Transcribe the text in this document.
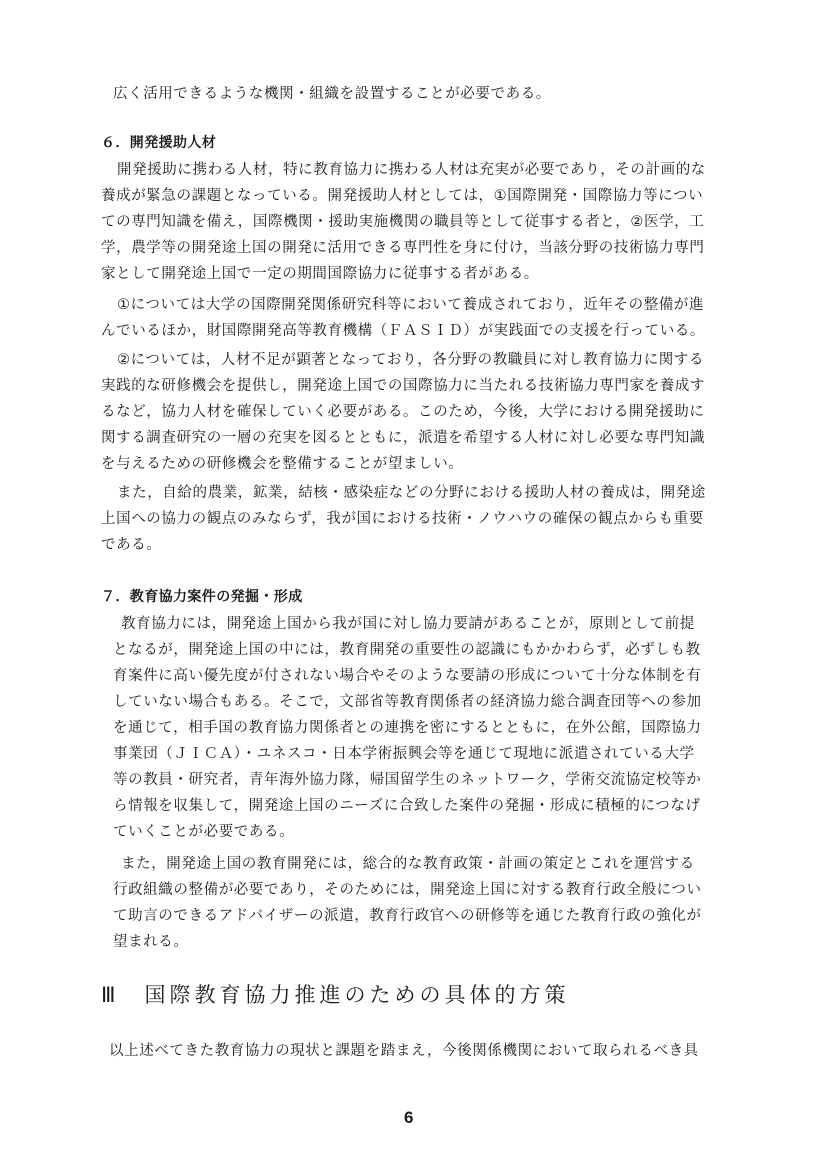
広く活用できるような機関・組織を設置することが必要である。
６．開発援助人材
開発援助に携わる人材，特に教育協力に携わる人材は充実が必要であり，その計画的な
養成が緊急の課題となっている。開発援助人材としては，①国際開発・国際協力等につい
ての専門知識を備え，国際機関・援助実施機関の職員等として従事する者と，②医学，工
学，農学等の開発途上国の開発に活用できる専門性を身に付け，当該分野の技術協力専門
家として開発途上国で一定の期間国際協力に従事する者がある。
①については大学の国際開発関係研究科等において養成されており，近年その整備が進
んでいるほか，財国際開発高等教育機構（ＦＡＳＩＤ）が実践面での支援を行っている。
②については，人材不足が顕著となっており，各分野の教職員に対し教育協力に関する
実践的な研修機会を提供し，開発途上国での国際協力に当たれる技術協力専門家を養成す
るなど，協力人材を確保していく必要がある。このため，今後，大学における開発援助に
関する調査研究の一層の充実を図るとともに，派遣を希望する人材に対し必要な専門知識
を与えるための研修機会を整備することが望ましい。
また，自給的農業，鉱業，結核・感染症などの分野における援助人材の養成は，開発途
上国への協力の観点のみならず，我が国における技術・ノウハウの確保の観点からも重要
である。
７．教育協力案件の発掘・形成
教育協力には，開発途上国から我が国に対し協力要請があることが，原則として前提
となるが，開発途上国の中には，教育開発の重要性の認識にもかかわらず，必ずしも教
育案件に高い優先度が付されない場合やそのような要請の形成について十分な体制を有
していない場合もある。そこで，文部省等教育関係者の経済協力総合調査団等への参加
を通じて，相手国の教育協力関係者との連携を密にするとともに，在外公館，国際協力
事業団（ＪＩＣＡ）・ユネスコ・日本学術振興会等を通じて現地に派遣されている大学
等の教員・研究者，青年海外協力隊，帰国留学生のネットワーク，学術交流協定校等か
ら情報を収集して，開発途上国のニーズに合致した案件の発掘・形成に積極的につなげ
ていくことが必要である。
また，開発途上国の教育開発には，総合的な教育政策・計画の策定とこれを運営する
行政組織の整備が必要であり，そのためには，開発途上国に対する教育行政全般につい
て助言のできるアドバイザーの派遣，教育行政官への研修等を通じた教育行政の強化が
望まれる。
Ⅲ　国際教育協力推進のための具体的方策
以上述べてきた教育協力の現状と課題を踏まえ，今後関係機関において取られるべき具
6
